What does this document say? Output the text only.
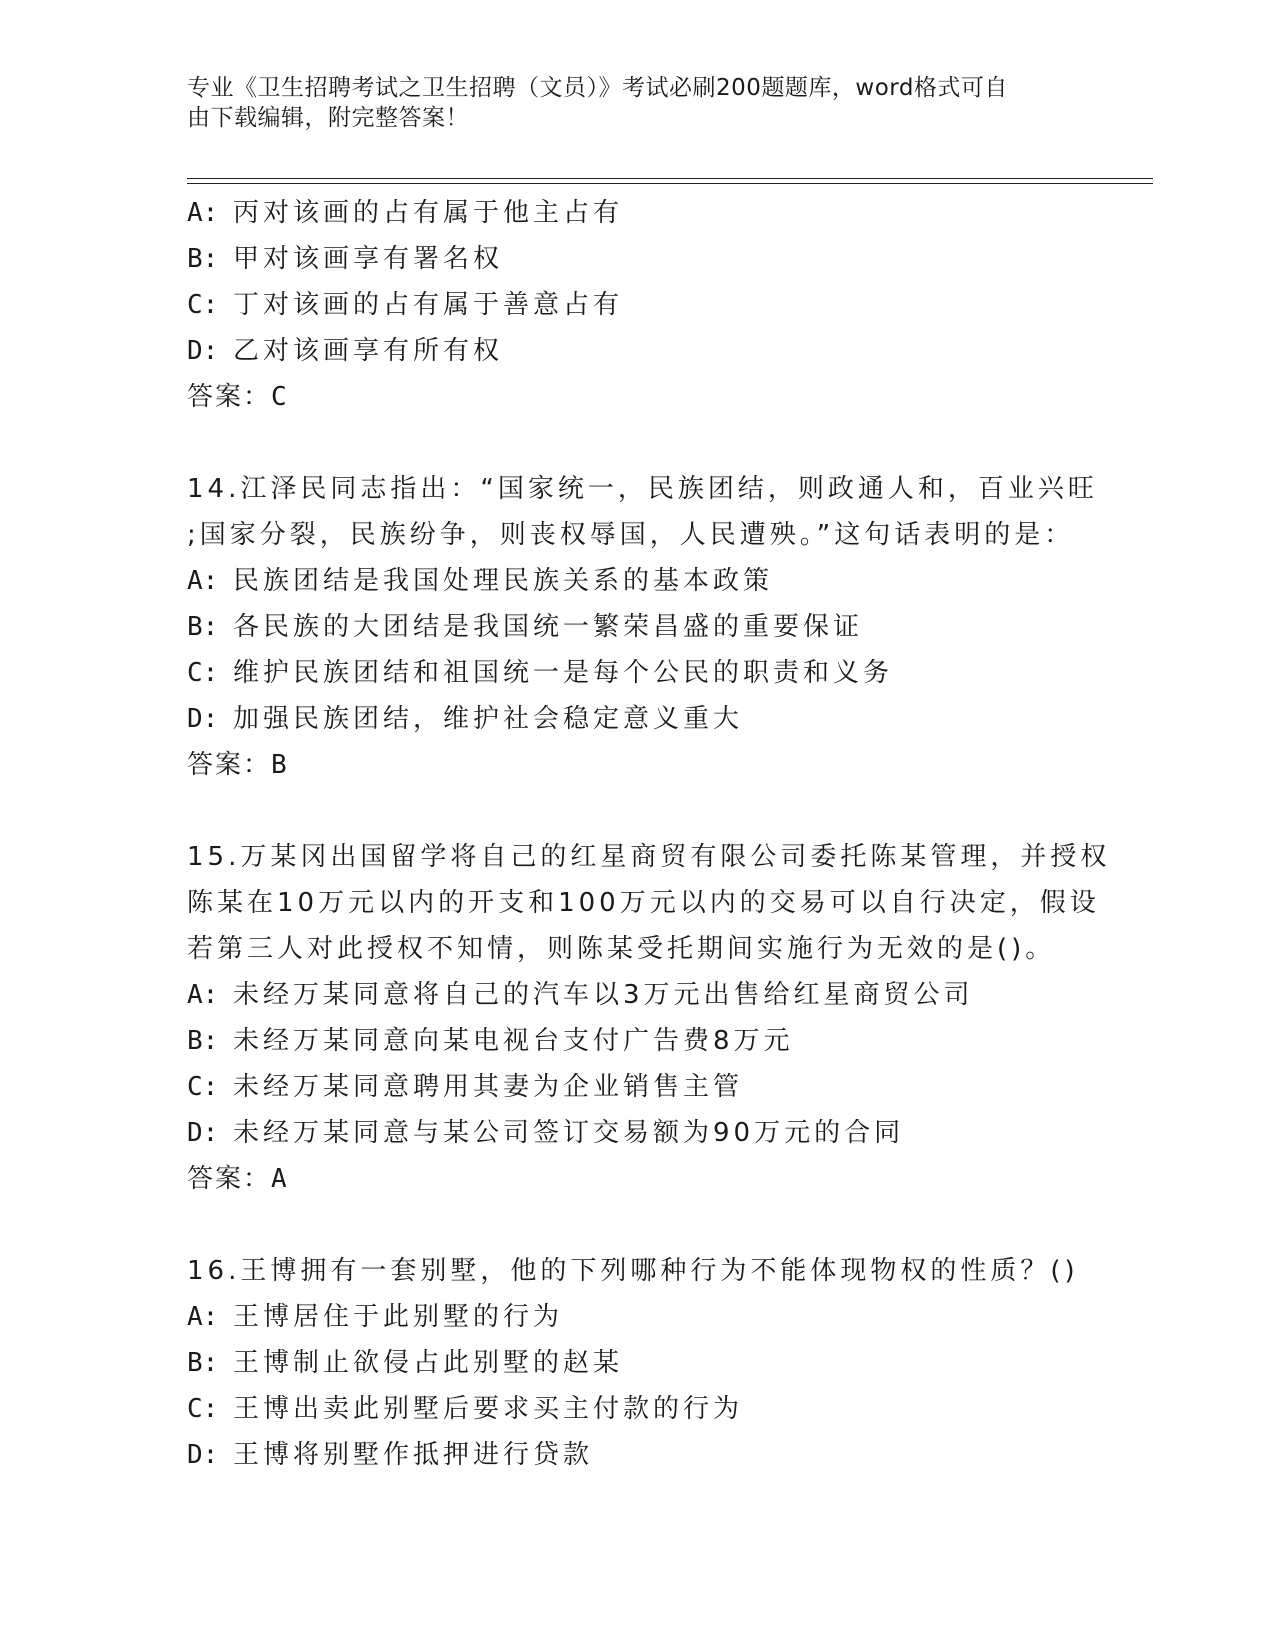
专业《卫生招聘考试之卫生招聘（文员）》考试必刷200题题库，word格式可自
由下载编辑，附完整答案！
A: 丙对该画的占有属于他主占有
B: 甲对该画享有署名权
C: 丁对该画的占有属于善意占有
D: 乙对该画享有所有权
答案：C
14.江泽民同志指出：“国家统一，民族团结，则政通人和，百业兴旺
;国家分裂，民族纷争，则丧权辱国，人民遭殃。”这句话表明的是：
A: 民族团结是我国处理民族关系的基本政策
B: 各民族的大团结是我国统一繁荣昌盛的重要保证
C: 维护民族团结和祖国统一是每个公民的职责和义务
D: 加强民族团结，维护社会稳定意义重大
答案：B
15.万某冈出国留学将自己的红星商贸有限公司委托陈某管理，并授权
陈某在10万元以内的开支和100万元以内的交易可以自行决定，假设
若第三人对此授权不知情，则陈某受托期间实施行为无效的是()。
A: 未经万某同意将自己的汽车以3万元出售给红星商贸公司
B: 未经万某同意向某电视台支付广告费8万元
C: 未经万某同意聘用其妻为企业销售主管
D: 未经万某同意与某公司签订交易额为90万元的合同
答案：A
16.王博拥有一套别墅，他的下列哪种行为不能体现物权的性质？()
A: 王博居住于此别墅的行为
B: 王博制止欲侵占此别墅的赵某
C: 王博出卖此别墅后要求买主付款的行为
D: 王博将别墅作抵押进行贷款
